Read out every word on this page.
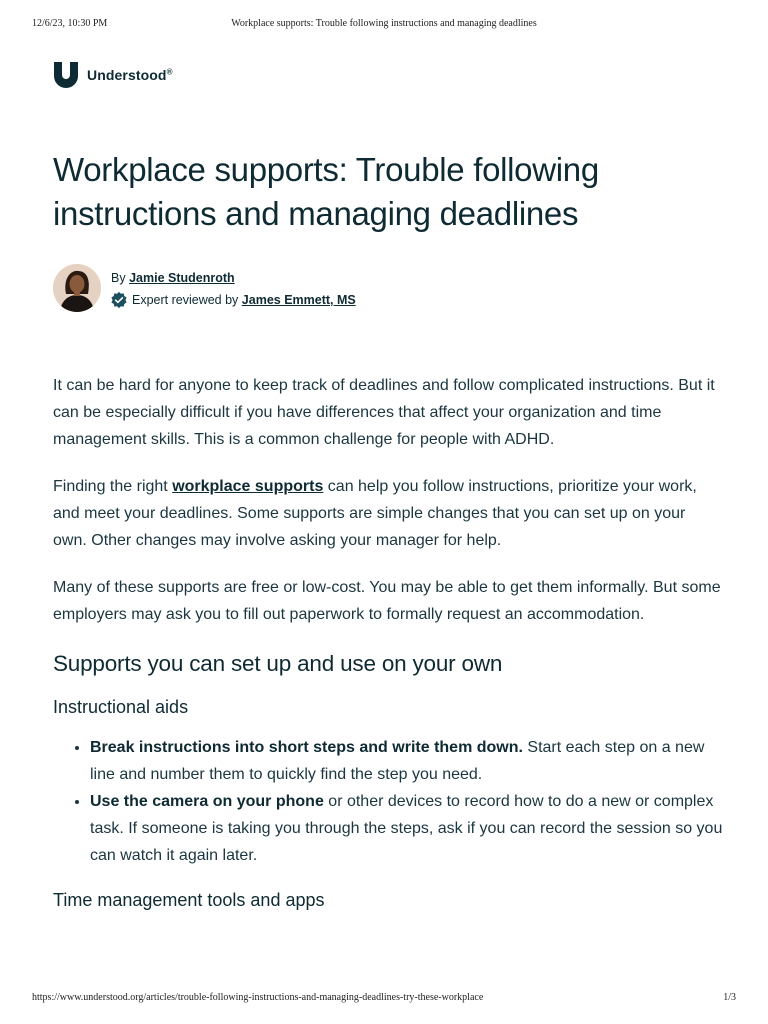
12/6/23, 10:30 PM	Workplace supports: Trouble following instructions and managing deadlines
Understood®
Workplace supports: Trouble following instructions and managing deadlines
By
Jamie Studenroth
Expert reviewed by
James Emmett, MS

It can be hard for anyone to keep track of deadlines and follow complicated instructions. But it can be especially difficult if you have differences that affect your organization and time management skills. This is a common challenge for people with ADHD.

Finding the right workplace supports can help you follow instructions, prioritize your work, and meet your deadlines. Some supports are simple changes that you can set up on your own. Other changes may involve asking your manager for help.

Many of these supports are free or low-cost. You may be able to get them informally. But some employers may ask you to fill out paperwork to formally request an accommodation.

Supports you can set up and use on your own
Instructional aids
• Break instructions into short steps and write them down. Start each step on a new line and number them to quickly find the step you need.
• Use the camera on your phone or other devices to record how to do a new or complex task. If someone is taking you through the steps, ask if you can record the session so you can watch it again later.
Time management tools and apps
https://www.understood.org/articles/trouble-following-instructions-and-managing-deadlines-try-these-workplace	1/3
